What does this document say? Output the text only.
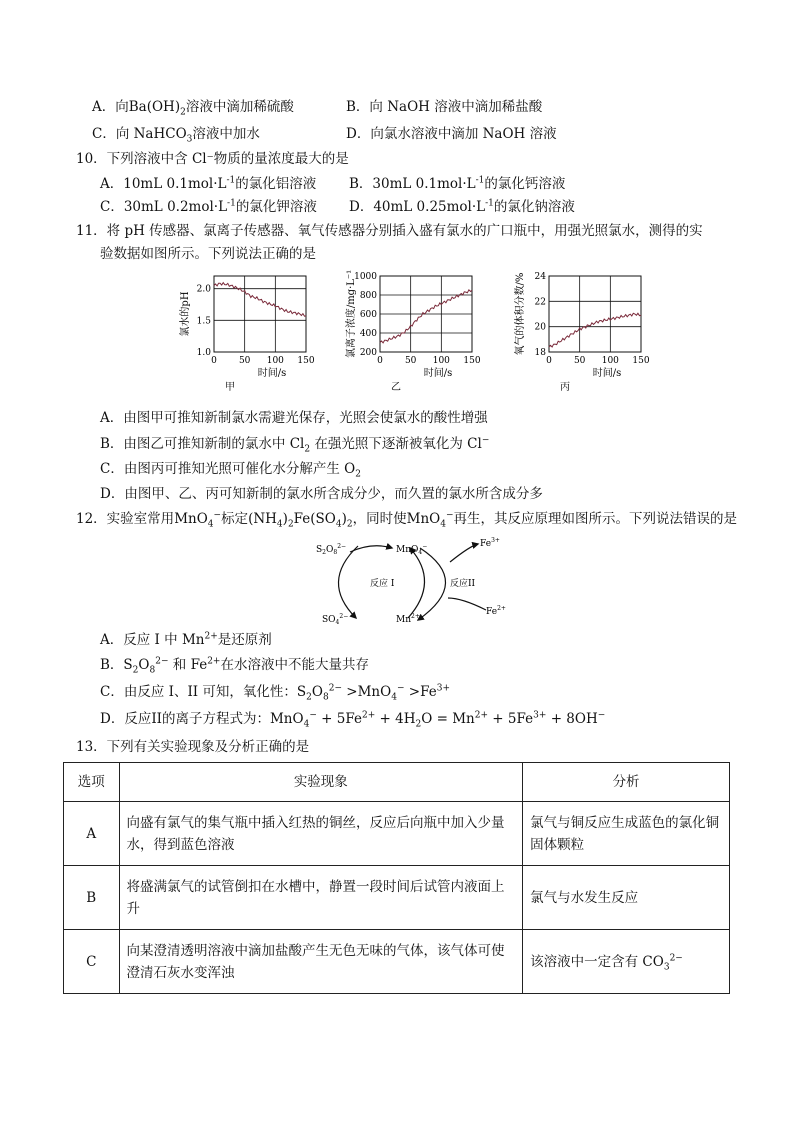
A．向$Ba(OH)_2$溶液中滴加稀硫酸	B．向 NaOH 溶液中滴加稀盐酸
C．向 NaHCO$_3$溶液中加水	D．向氯水溶液中滴加 NaOH 溶液
10．下列溶液中含 Cl⁻物质的量浓度最大的是
A．10mL $0.1mol\cdot L^{-1}$的氯化铝溶液 B．30mL $0.1mol\cdot L^{-1}$的氯化钙溶液
C．30mL $0.2mol\cdot L^{-1}$的氯化钾溶液 D．40mL $0.25mol\cdot L^{-1}$的氯化钠溶液
11．将 pH 传感器、氯离子传感器、氧气传感器分别插入盛有氯水的广口瓶中，用强光照氯水，测得的实
验数据如图所示。下列说法正确的是
0 50 100 150
1.0
1.5
2.0
时间/s
氯水的pH
甲
0 50 100 150
200
400
600
800
1000
时间/s
氯离子浓度/mg·L⁻¹
乙
0 50 100 150
18
20
22
24
时间/s
氧气的体积分数/%
丙
A．由图甲可推知新制氯水需避光保存，光照会使氯水的酸性增强
B．由图乙可推知新制的氯水中 $Cl_2$ 在强光照下逐渐被氧化为 Cl−
C．由图丙可推知光照可催化水分解产生 $O_2$
D．由图甲、乙、丙可知新制的氯水所含成分少，而久置的氯水所含成分多
12．实验室常用MnO$_4$−标定$(NH_4)_2Fe(SO_4)_2$，同时使MnO$_4$−再生，其反应原理如图所示。下列说法错误的是
$S_2O_8^{2-}$	MnO$_4$−	$Fe^{3+}$
反应 I	反应II
$SO_4^{2-}$	$Mn^{2+}$	$Fe^{2+}$
A．反应 I 中 $Mn^{2+}$是还原剂
B．$S_2O_8^{2-}$ 和 $Fe^{2+}$在水溶液中不能大量共存
C．由反应 I、II 可知，氧化性：$S_2O_8^{2-} >MnO_4^- >Fe^{3+}$
D．反应II的离子方程式为：$MnO_4^- + 5Fe^{2+} + 4H_2O = Mn^{2+} + 5Fe^{3+} + 8OH^-$
13．下列有关实验现象及分析正确的是
选项	实验现象	分析
A	向盛有氯气的集气瓶中插入红热的铜丝，反应后向瓶中加入少量水，得到蓝色溶液	氯气与铜反应生成蓝色的氯化铜固体颗粒
B	将盛满氯气的试管倒扣在水槽中，静置一段时间后试管内液面上升	氯气与水发生反应
C	向某澄清透明溶液中滴加盐酸产生无色无味的气体，该气体可使澄清石灰水变浑浊	该溶液中一定含有 $CO_3^{2-}$
